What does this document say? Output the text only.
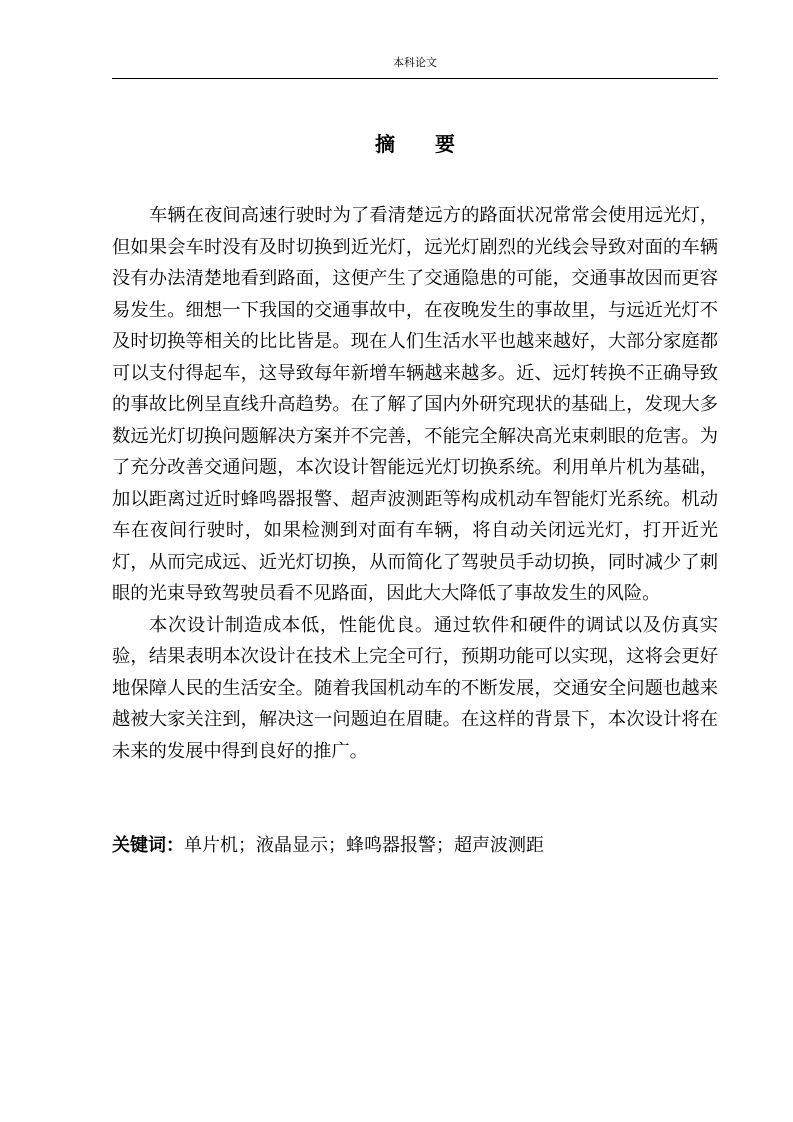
本科论文
摘要

车辆在夜间高速行驶时为了看清楚远方的路面状况常常会使用远光灯，但如果会车时没有及时切换到近光灯，远光灯剧烈的光线会导致对面的车辆没有办法清楚地看到路面，这便产生了交通隐患的可能，交通事故因而更容易发生。细想一下我国的交通事故中，在夜晚发生的事故里，与远近光灯不及时切换等相关的比比皆是。现在人们生活水平也越来越好，大部分家庭都可以支付得起车，这导致每年新增车辆越来越多。近、远灯转换不正确导致的事故比例呈直线升高趋势。在了解了国内外研究现状的基础上，发现大多数远光灯切换问题解决方案并不完善，不能完全解决高光束刺眼的危害。为了充分改善交通问题，本次设计智能远光灯切换系统。利用单片机为基础，加以距离过近时蜂鸣器报警、超声波测距等构成机动车智能灯光系统。机动车在夜间行驶时，如果检测到对面有车辆，将自动关闭远光灯，打开近光灯，从而完成远、近光灯切换，从而简化了驾驶员手动切换，同时减少了刺眼的光束导致驾驶员看不见路面，因此大大降低了事故发生的风险。

本次设计制造成本低，性能优良。通过软件和硬件的调试以及仿真实验，结果表明本次设计在技术上完全可行，预期功能可以实现，这将会更好地保障人民的生活安全。随着我国机动车的不断发展，交通安全问题也越来越被大家关注到，解决这一问题迫在眉睫。在这样的背景下，本次设计将在未来的发展中得到良好的推广。

关键词：单片机；液晶显示；蜂鸣器报警；超声波测距
